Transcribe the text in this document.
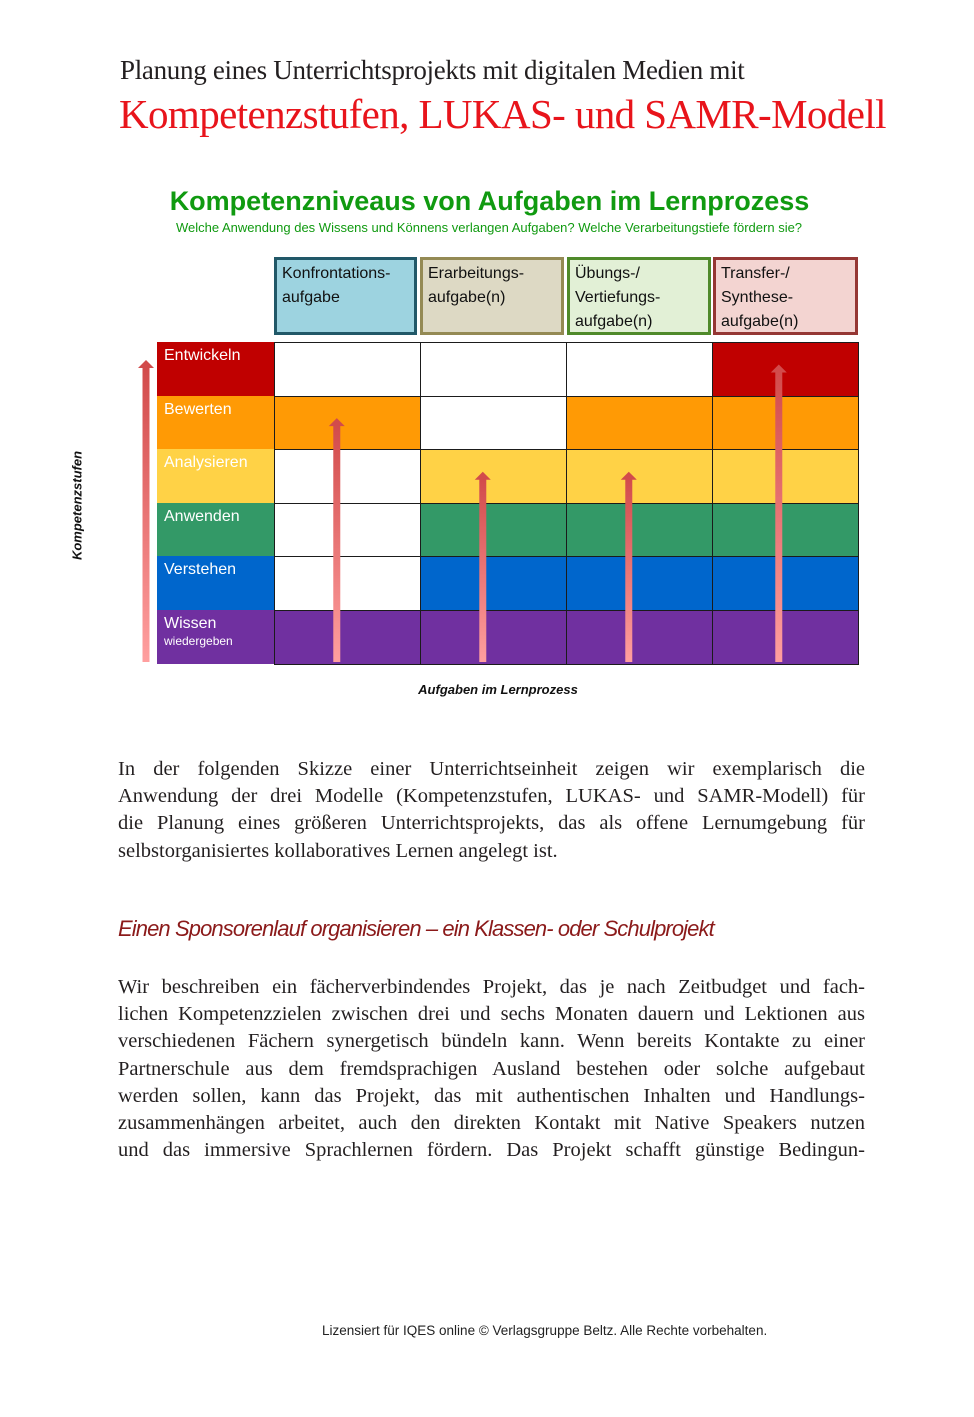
Planung eines Unterrichtsprojekts mit digitalen Medien mit
Kompetenzstufen, LUKAS- und SAMR-Modell
Kompetenzniveaus von Aufgaben im Lernprozess
Welche Anwendung des Wissens und Könnens verlangen Aufgaben? Welche Verarbeitungstiefe fördern sie?
Konfrontations-
aufgabe
Erarbeitungs-
aufgabe(n)
Übungs-/
Vertiefungs-
aufgabe(n)
Transfer-/
Synthese-
aufgabe(n)
Entwickeln
Bewerten
Analysieren
Anwenden
Verstehen
Wissen
wiedergeben
Kompetenzstufen
Aufgaben im Lernprozess
In der folgenden Skizze einer Unterrichtseinheit zeigen wir exemplarisch die
Anwendung der drei Modelle (Kompetenzstufen, LUKAS- und SAMR-Modell) für
die Planung eines größeren Unterrichtsprojekts, das als offene Lernumgebung für
selbstorganisiertes kollaboratives Lernen angelegt ist.
Einen Sponsorenlauf organisieren – ein Klassen- oder Schulprojekt
Wir beschreiben ein fächerverbindendes Projekt, das je nach Zeitbudget und fach-
lichen Kompetenzzielen zwischen drei und sechs Monaten dauern und Lektionen aus
verschiedenen Fächern synergetisch bündeln kann. Wenn bereits Kontakte zu einer
Partnerschule aus dem fremdsprachigen Ausland bestehen oder solche aufgebaut
werden sollen, kann das Projekt, das mit authentischen Inhalten und Handlungs-
zusammenhängen arbeitet, auch den direkten Kontakt mit Native Speakers nutzen
und das immersive Sprachlernen fördern. Das Projekt schafft günstige Bedingun-
Lizensiert für IQES online © Verlagsgruppe Beltz. Alle Rechte vorbehalten.
